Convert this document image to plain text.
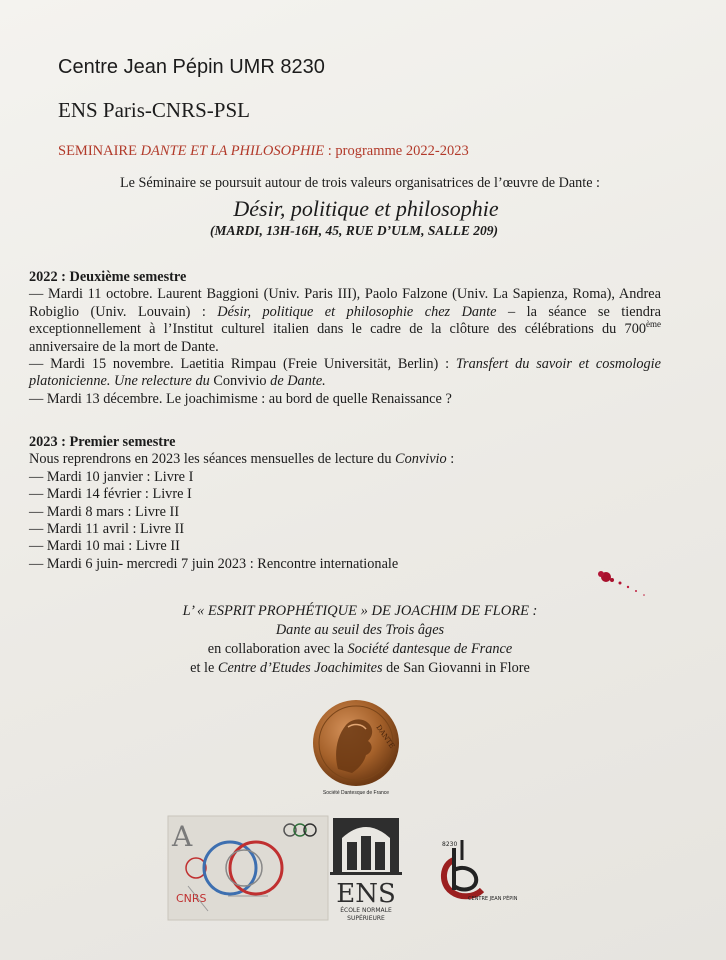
Centre Jean Pépin UMR 8230
ENS Paris-CNRS-PSL
SEMINAIRE DANTE ET LA PHILOSOPHIE : programme 2022-2023
Le Séminaire se poursuit autour de trois valeurs organisatrices de l’œuvre de Dante :
Désir, politique et philosophie
(MARDI, 13H-16H, 45, RUE D’ULM, SALLE 209)

2022 : Deuxième semestre

— Mardi 11 octobre. Laurent Baggioni (Univ. Paris III), Paolo Falzone (Univ. La Sapienza, Roma), Andrea Robiglio (Univ. Louvain) : Désir, politique et philosophie chez Dante – la séance se tiendra exceptionnellement à l’Institut culturel italien dans le cadre de la clôture des célébrations du 700ème anniversaire de la mort de Dante.

— Mardi 15 novembre. Laetitia Rimpau (Freie Universität, Berlin) : Transfert du savoir et cosmologie platonicienne. Une relecture du Convivio de Dante.

— Mardi 13 décembre. Le joachimisme : au bord de quelle Renaissance ?

2023 : Premier semestre

Nous reprendrons en 2023 les séances mensuelles de lecture du Convivio :

— Mardi 10 janvier : Livre I

— Mardi 14 février : Livre I

— Mardi 8 mars : Livre II

— Mardi 11 avril : Livre II

— Mardi 10 mai : Livre II

— Mardi 6 juin- mercredi 7 juin 2023 : Rencontre internationale

L’ « ESPRIT PROPHÉTIQUE » DE JOACHIM DE FLORE :
Dante au seuil des Trois âges
en collaboration avec la Société dantesque de France
et le Centre d’Etudes Joachimites de San Giovanni in Flore
DANTE
Société Dantesque de France
A
CNRS	ENS
ÉCOLE NORMALE
SUPÉRIEURE
8230
CENTRE JEAN PÉPIN
